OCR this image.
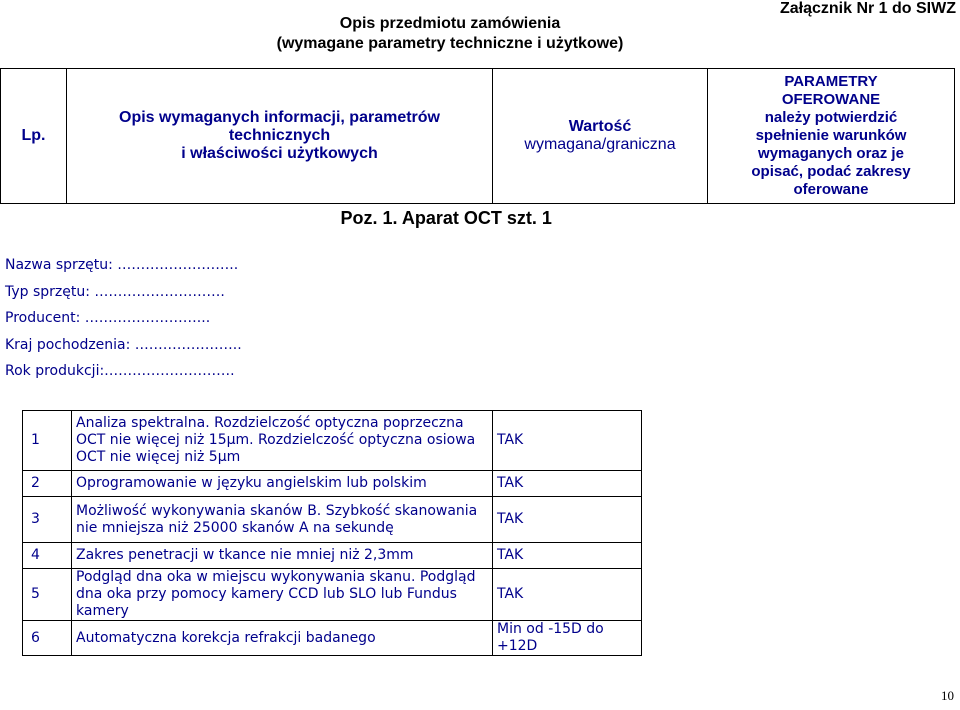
Załącznik Nr 1 do SIWZ
Opis przedmiotu zamówienia
(wymagane parametry techniczne i użytkowe)
Lp.

Opis wymaganych informacji, parametrów technicznych
i właściwości użytkowych

Wartość
wymagana/graniczna

PARAMETRY
OFEROWANE
należy potwierdzić
spełnienie warunków
wymaganych oraz je
opisać, podać zakresy
oferowane

Poz. 1. Aparat OCT szt. 1
Nazwa sprzętu: ……………………..
Typ sprzętu: ……………………….
Producent: ……………………...
Kraj pochodzenia: …………………..
Rok produkcji:……………………….
1	Analiza spektralna. Rozdzielczość optyczna poprzeczna OCT nie więcej niż 15μm. Rozdzielczość optyczna osiowa OCT nie więcej niż 5μm	TAK
2	Oprogramowanie w języku angielskim lub polskim	TAK
3	Możliwość wykonywania skanów B. Szybkość skanowania nie mniejsza niż 25000 skanów A na sekundę	TAK
4	Zakres penetracji w tkance nie mniej niż 2,3mm	TAK
5	Podgląd dna oka w miejscu wykonywania skanu. Podgląd dna oka przy pomocy kamery CCD lub SLO lub Fundus kamery	TAK
6	Automatyczna korekcja refrakcji badanego	Min od -15D do +12D
10
